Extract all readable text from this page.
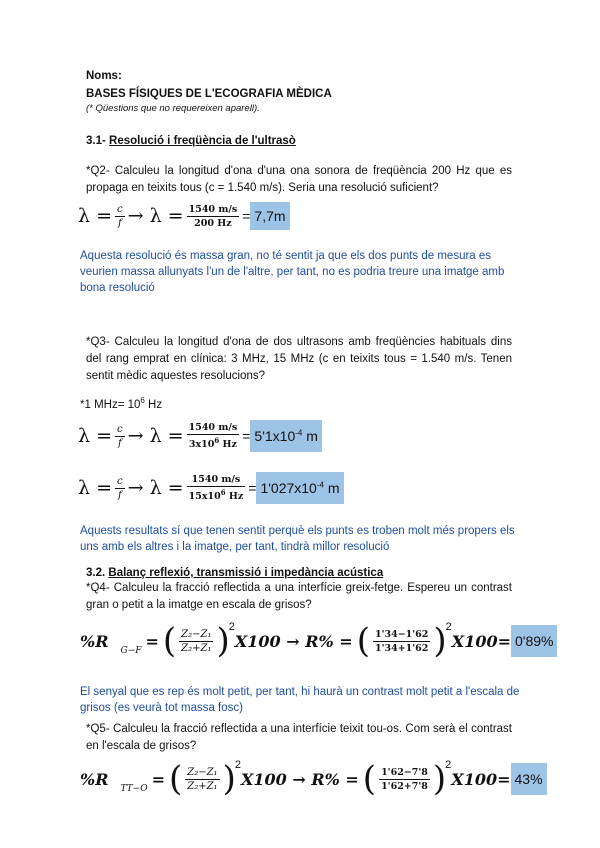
Noms:
BASES FÍSIQUES DE L'ECOGRAFIA MÈDICA
(* Qüestions que no requereixen aparell).
3.1- Resolució i freqüència de l'ultrasò
*Q2- Calculeu la longitud d'ona d'una ona sonora de freqüència 200 Hz que es propaga en teixits tous (c = 1.540 m/s). Seria una resolució suficient?
$\lambda = \frac{c}{f} \to \lambda = \frac{1540 m/s}{200 Hz} = 7,7m$
Aquesta resolució és massa gran, no té sentit ja que els dos punts de mesura es veurien massa allunyats l'un de l'altre, per tant, no es podria treure una imatge amb bona resolució
*Q3- Calculeu la longitud d'ona de dos ultrasons amb freqüències habituals dins del rang emprat en clínica: 3 MHz, 15 MHz (c en teixits tous = 1.540 m/s. Tenen sentit mèdic aquestes resolucions?
*1 $MHz= 10^6$ Hz
$\lambda = \frac{c}{f} \to \lambda = \frac{1540 m/s}{3x10^6 Hz} = 5'1x10^{-4}$ m
$\lambda = \frac{c}{f} \to \lambda = \frac{1540 m/s}{15x10^6 Hz} = 1'027x10^{-4}$ m
Aquests resultats sí que tenen sentit perquè els punts es troben molt més propers els uns amb els altres i la imatge, per tant, tindrà millor resolució
3.2. Balanç reflexió, transmissió i impedància acústica
*Q4- Calculeu la fracció reflectida a una interfície greix-fetge. Espereu un contrast gran o petit a la imatge en escala de grisos?
%R
G−F
= ( $\frac{\text{Z₂−Z₁}}{\text{Z₂+Z₁}}$ ) 2
X100 → R% = ( $\frac{1'34-1'62}{1'34+1'62}$ ) 2
X100= 0'89%
El senyal que es rep és molt petit, per tant, hi haurà un contrast molt petit a l'escala de grisos (es veurà tot massa fosc)
*Q5- Calculeu la fracció reflectida a una interfície teixit tou-os. Com serà el contrast en l'escala de grisos?
%R
TT−O
= ( $\frac{\text{Z₂−Z₁}}{\text{Z₂+Z₁}}$ ) 2
X100 → R% = ( $\frac{1'62-7'8}{1'62+7'8}$ ) 2
X100= 43%
